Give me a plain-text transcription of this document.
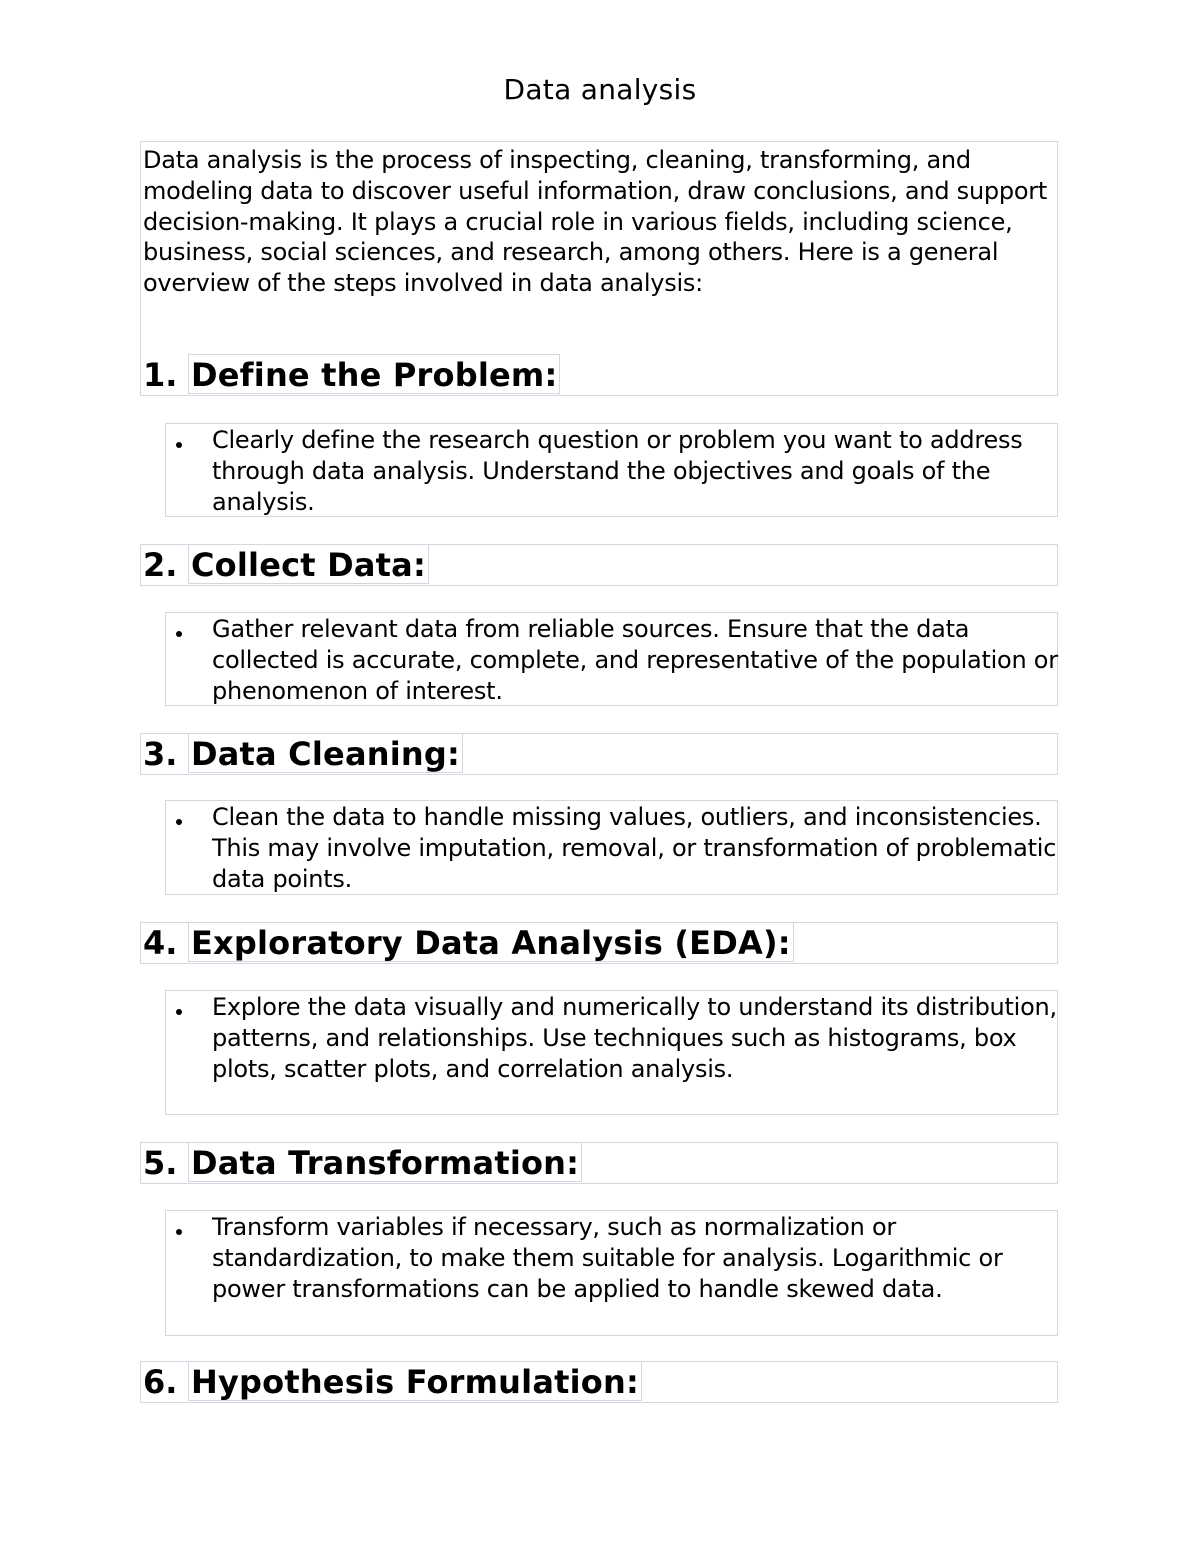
Data analysis

Data analysis is the process of inspecting, cleaning, transforming, and modeling data to discover useful information, draw conclusions, and support decision-making. It plays a crucial role in various fields, including science, business, social sciences, and research, among others. Here is a general overview of the steps involved in data analysis:

1. Define the Problem:

Clearly define the research question or problem you want to address through data analysis. Understand the objectives and goals of the analysis.

2. Collect Data:

Gather relevant data from reliable sources. Ensure that the data collected is accurate, complete, and representative of the population or phenomenon of interest.

3. Data Cleaning:

Clean the data to handle missing values, outliers, and inconsistencies. This may involve imputation, removal, or transformation of problematic data points.

4. Exploratory Data Analysis (EDA):

Explore the data visually and numerically to understand its distribution, patterns, and relationships. Use techniques such as histograms, box plots, scatter plots, and correlation analysis.

5. Data Transformation:

Transform variables if necessary, such as normalization or standardization, to make them suitable for analysis. Logarithmic or power transformations can be applied to handle skewed data.

6. Hypothesis Formulation:
